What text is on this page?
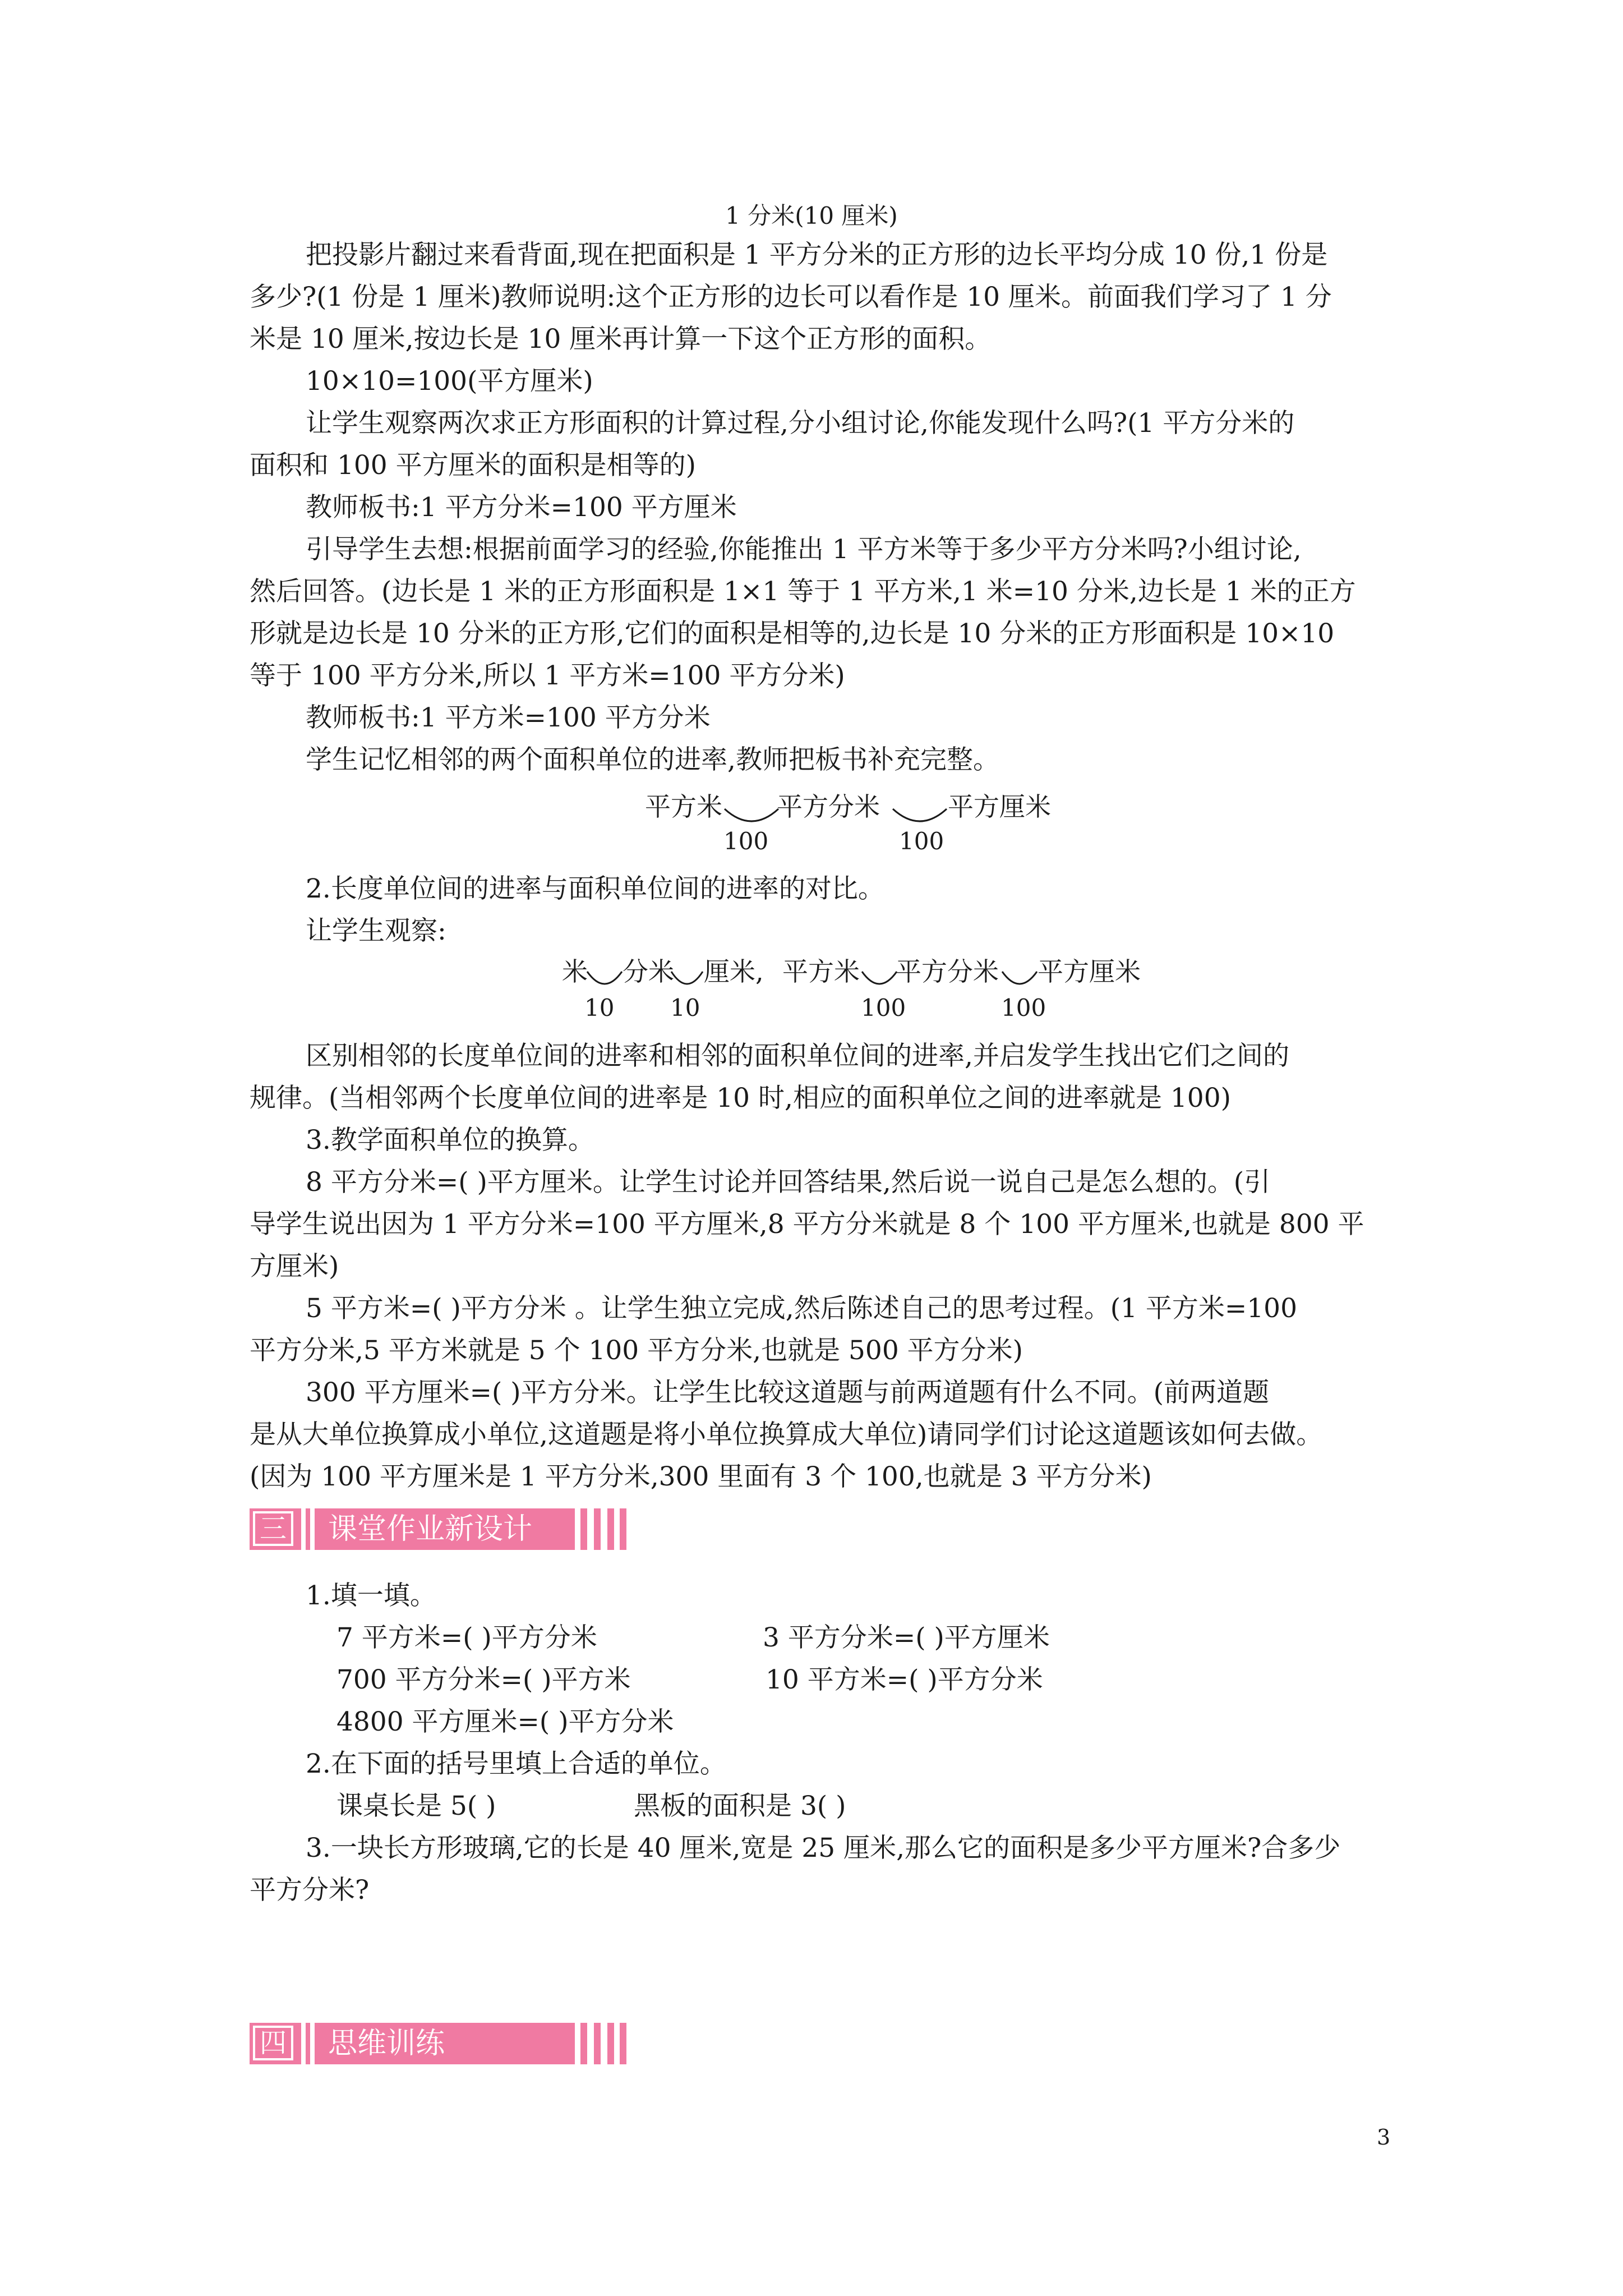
1 分米(10 厘米)
把投影片翻过来看背面,现在把面积是 1 平方分米的正方形的边长平均分成 10 份,1 份是
多少?(1 份是 1 厘米)教师说明:这个正方形的边长可以看作是 10 厘米。前面我们学习了 1 分
米是 10 厘米,按边长是 10 厘米再计算一下这个正方形的面积。
10×10=100(平方厘米)
让学生观察两次求正方形面积的计算过程,分小组讨论,你能发现什么吗?(1 平方分米的
面积和 100 平方厘米的面积是相等的)
教师板书:1 平方分米=100 平方厘米
引导学生去想:根据前面学习的经验,你能推出 1 平方米等于多少平方分米吗?小组讨论,
然后回答。(边长是 1 米的正方形面积是 1×1 等于 1 平方米,1 米=10 分米,边长是 1 米的正方
形就是边长是 10 分米的正方形,它们的面积是相等的,边长是 10 分米的正方形面积是 10×10
等于 100 平方分米,所以 1 平方米=100 平方分米)
教师板书:1 平方米=100 平方分米
学生记忆相邻的两个面积单位的进率,教师把板书补充完整。
平方米 平方分米	平方厘米
100	100
2.长度单位间的进率与面积单位间的进率的对比。
让学生观察:
米 分米 厘米,
10 10
平方米 平方分米 平方厘米
100	100
区别相邻的长度单位间的进率和相邻的面积单位间的进率,并启发学生找出它们之间的
规律。(当相邻两个长度单位间的进率是 10 时,相应的面积单位之间的进率就是 100)
3.教学面积单位的换算。
8 平方分米=( )平方厘米。让学生讨论并回答结果,然后说一说自己是怎么想的。(引
导学生说出因为 1 平方分米=100 平方厘米,8 平方分米就是 8 个 100 平方厘米,也就是 800 平
方厘米)
5 平方米=( )平方分米 。让学生独立完成,然后陈述自己的思考过程。(1 平方米=100
平方分米,5 平方米就是 5 个 100 平方分米,也就是 500 平方分米)
300 平方厘米=( )平方分米。让学生比较这道题与前两道题有什么不同。(前两道题
是从大单位换算成小单位,这道题是将小单位换算成大单位)请同学们讨论这道题该如何去做。
(因为 100 平方厘米是 1 平方分米,300 里面有 3 个 100,也就是 3 平方分米)
三 课堂作业新设计
1.填一填。
7 平方米=( )平方分米	3 平方分米=( )平方厘米
700 平方分米=( )平方米	10 平方米=( )平方分米
4800 平方厘米=( )平方分米
2.在下面的括号里填上合适的单位。
课桌长是 5( )	黑板的面积是 3( )
3.一块长方形玻璃,它的长是 40 厘米,宽是 25 厘米,那么它的面积是多少平方厘米?合多少
平方分米?
四 思维训练
3
